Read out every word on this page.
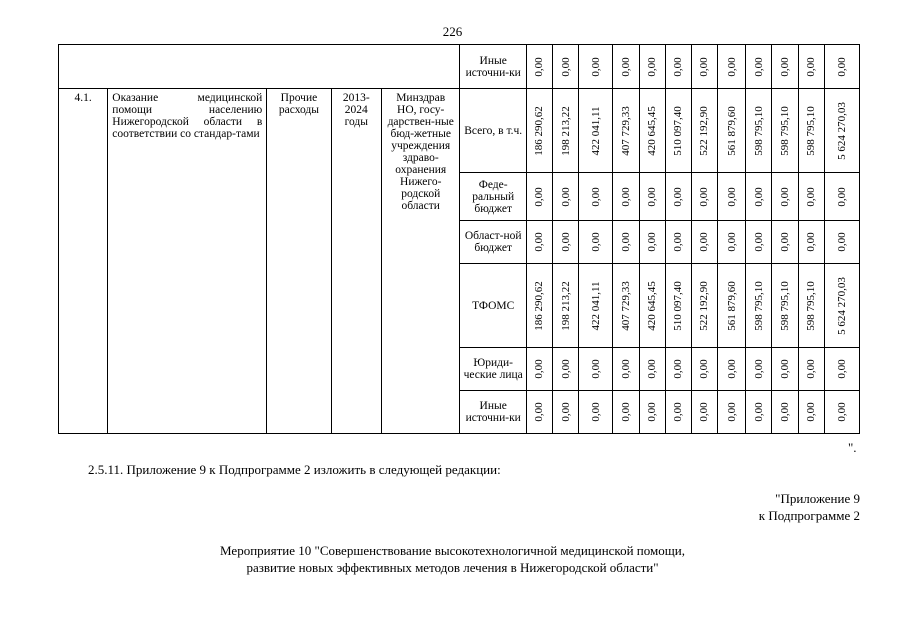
226
					Иные источни-ки	0,00	0,00	0,00	0,00	0,00	0,00	0,00	0,00	0,00	0,00	0,00	0,00

4.1.	Оказание медицинской помощи населению Нижегородской области в соответствии со стандар-тами	Прочие расходы	2013-2024 годы	Минздрав НО, госу-дарствен-ные бюд-жетные учреждения здраво-охранения Нижего-родской области	Всего, в т.ч.	186 290,62	198 213,22	422 041,11	407 729,33	420 645,45	510 097,40	522 192,90	561 879,60	598 795,10	598 795,10	598 795,10	5 624 270,03

					Феде-ральный бюджет	0,00	0,00	0,00	0,00	0,00	0,00	0,00	0,00	0,00	0,00	0,00	0,00

					Област-ной бюджет	0,00	0,00	0,00	0,00	0,00	0,00	0,00	0,00	0,00	0,00	0,00	0,00

					ТФОМС	186 290,62	198 213,22	422 041,11	407 729,33	420 645,45	510 097,40	522 192,90	561 879,60	598 795,10	598 795,10	598 795,10	5 624 270,03

					Юриди-ческие лица	0,00	0,00	0,00	0,00	0,00	0,00	0,00	0,00	0,00	0,00	0,00	0,00

					Иные источни-ки	0,00	0,00	0,00	0,00	0,00	0,00	0,00	0,00	0,00	0,00	0,00	0,00
".
2.5.11. Приложение 9 к Подпрограмме 2 изложить в следующей редакции:
"Приложение 9
к Подпрограмме 2
Мероприятие 10 "Совершенствование высокотехнологичной медицинской помощи,
развитие новых эффективных методов лечения в Нижегородской области"
